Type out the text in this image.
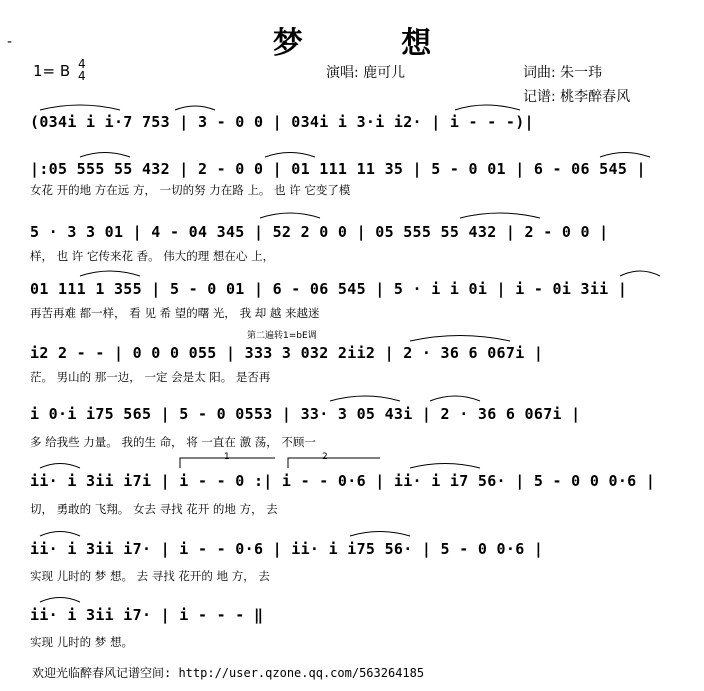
-	梦 想
1= B 4
4	演唱: 鹿可儿	词曲: 朱一玮
记谱: 桃李醉春风
(034i i i·7 753 | 3 - 0 0 | 034i i 3·i i2· | i - - -)|
|:05 555 55 432 | 2 - 0 0 | 01 111 11 35 | 5 - 0 01 | 6 - 06 545 |
女花 开的地 方在远 方， 一切的努 力在路 上。 也 许 它变了模
5 · 3 3 01 | 4 - 04 345 | 52 2 0 0 | 05 555 55 432 | 2 - 0 0 |
样， 也 许 它传来花 香。 伟大的理 想在心 上，
01 111 1 355 | 5 - 0 01 | 6 - 06 545 | 5 · i i 0i | i - 0i 3ii |
再苦再难 都一样， 看 见 希 望的曙 光， 我 却 越 来越迷
第二遍转1=bE调
i2 2 - - | 0 0 0 055 | 333 3 032 2ii2 | 2 · 36 6 067i |
茫。 男山的 那一边， 一定 会是太 阳。 是否再
i 0·i i75 565 | 5 - 0 0553 | 33· 3 05 43i | 2 · 36 6 067i |
多 给我些 力量。 我的生 命， 将 一直在 激 荡， 不顾一
1	2
ii· i 3ii i7i | i - - 0 :| i - - 0·6 | ii· i i7 56· | 5 - 0 0 0·6 |
切， 勇敢的 飞翔。 女去 寻找 花开 的地 方， 去
ii· i 3ii i7· | i - - 0·6 | ii· i i75 56· | 5 - 0 0·6 |
实现 儿时的 梦 想。 去 寻找 花开的 地 方， 去
ii· i 3ii i7· | i - - - ‖
实现 儿时的 梦 想。
欢迎光临醉春风记谱空间: http://user.qzone.qq.com/563264185
